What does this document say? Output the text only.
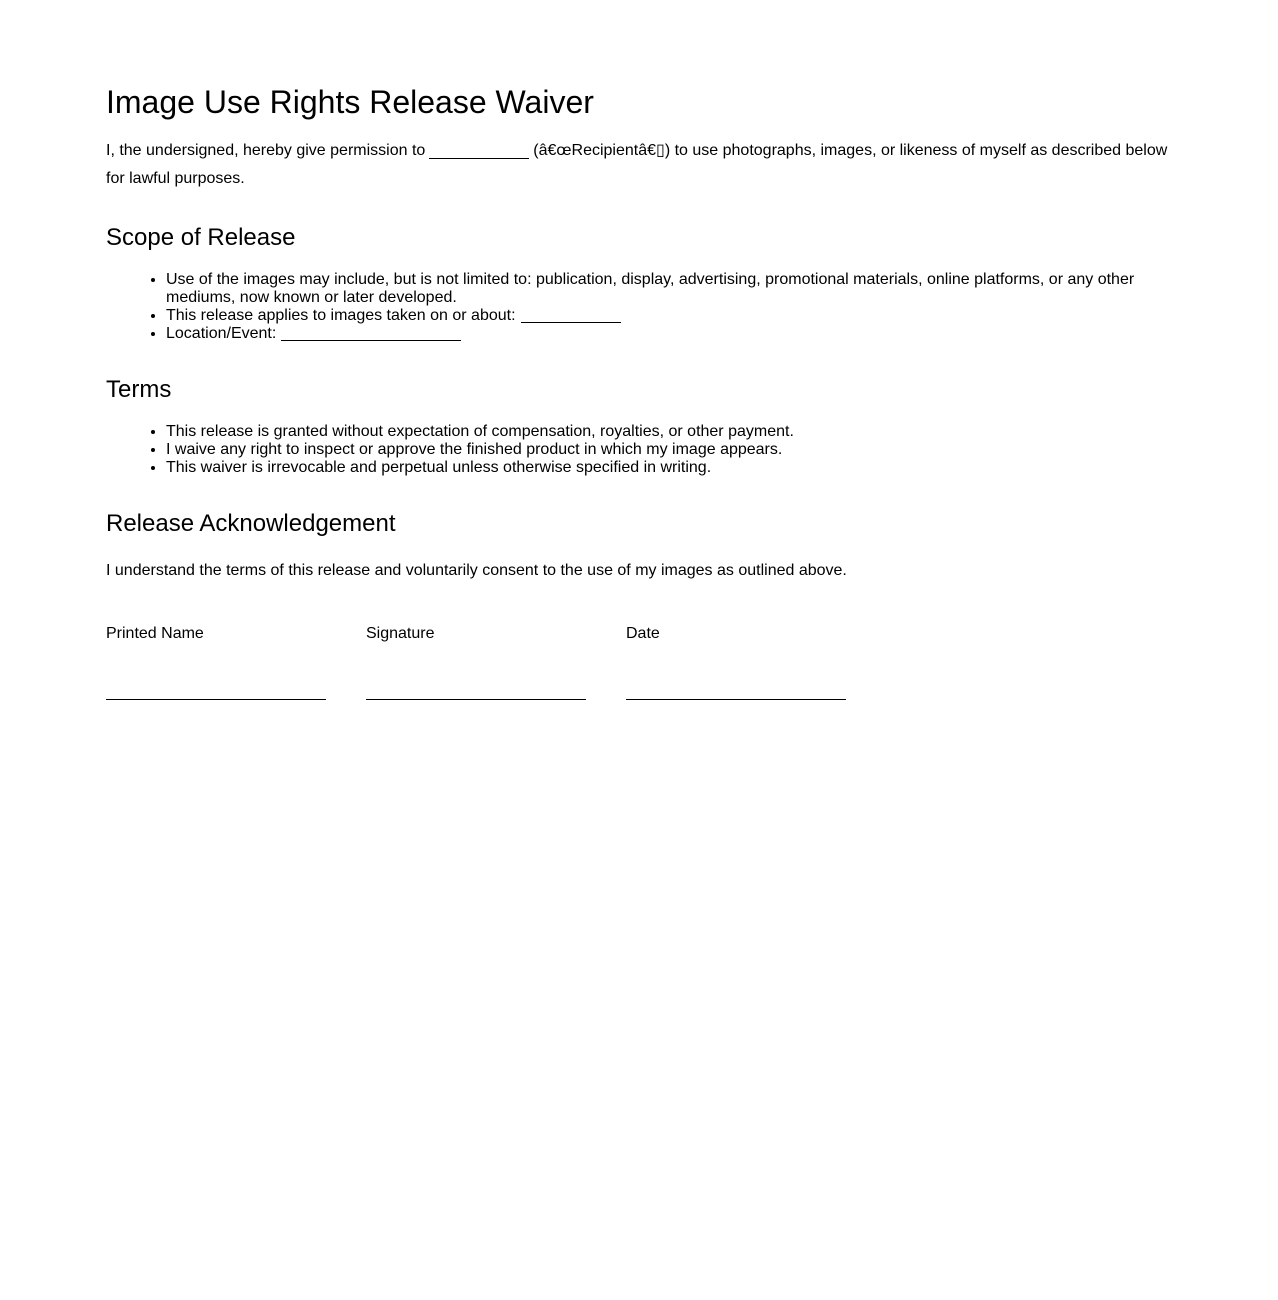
Image Use Rights Release Waiver

I, the undersigned, hereby give permission to	(â€œRecipientâ€▯) to use photographs, images, or likeness of myself as described below for lawful purposes.

Scope of Release
• Use of the images may include, but is not limited to: publication, display, advertising, promotional materials, online platforms, or any other mediums, now known or later developed.
• This release applies to images taken on or about:
• Location/Event:
Terms
• This release is granted without expectation of compensation, royalties, or other payment.
• I waive any right to inspect or approve the finished product in which my image appears.
• This waiver is irrevocable and perpetual unless otherwise specified in writing.
Release Acknowledgement

I understand the terms of this release and voluntarily consent to the use of my images as outlined above.

Printed Name	Signature	Date
